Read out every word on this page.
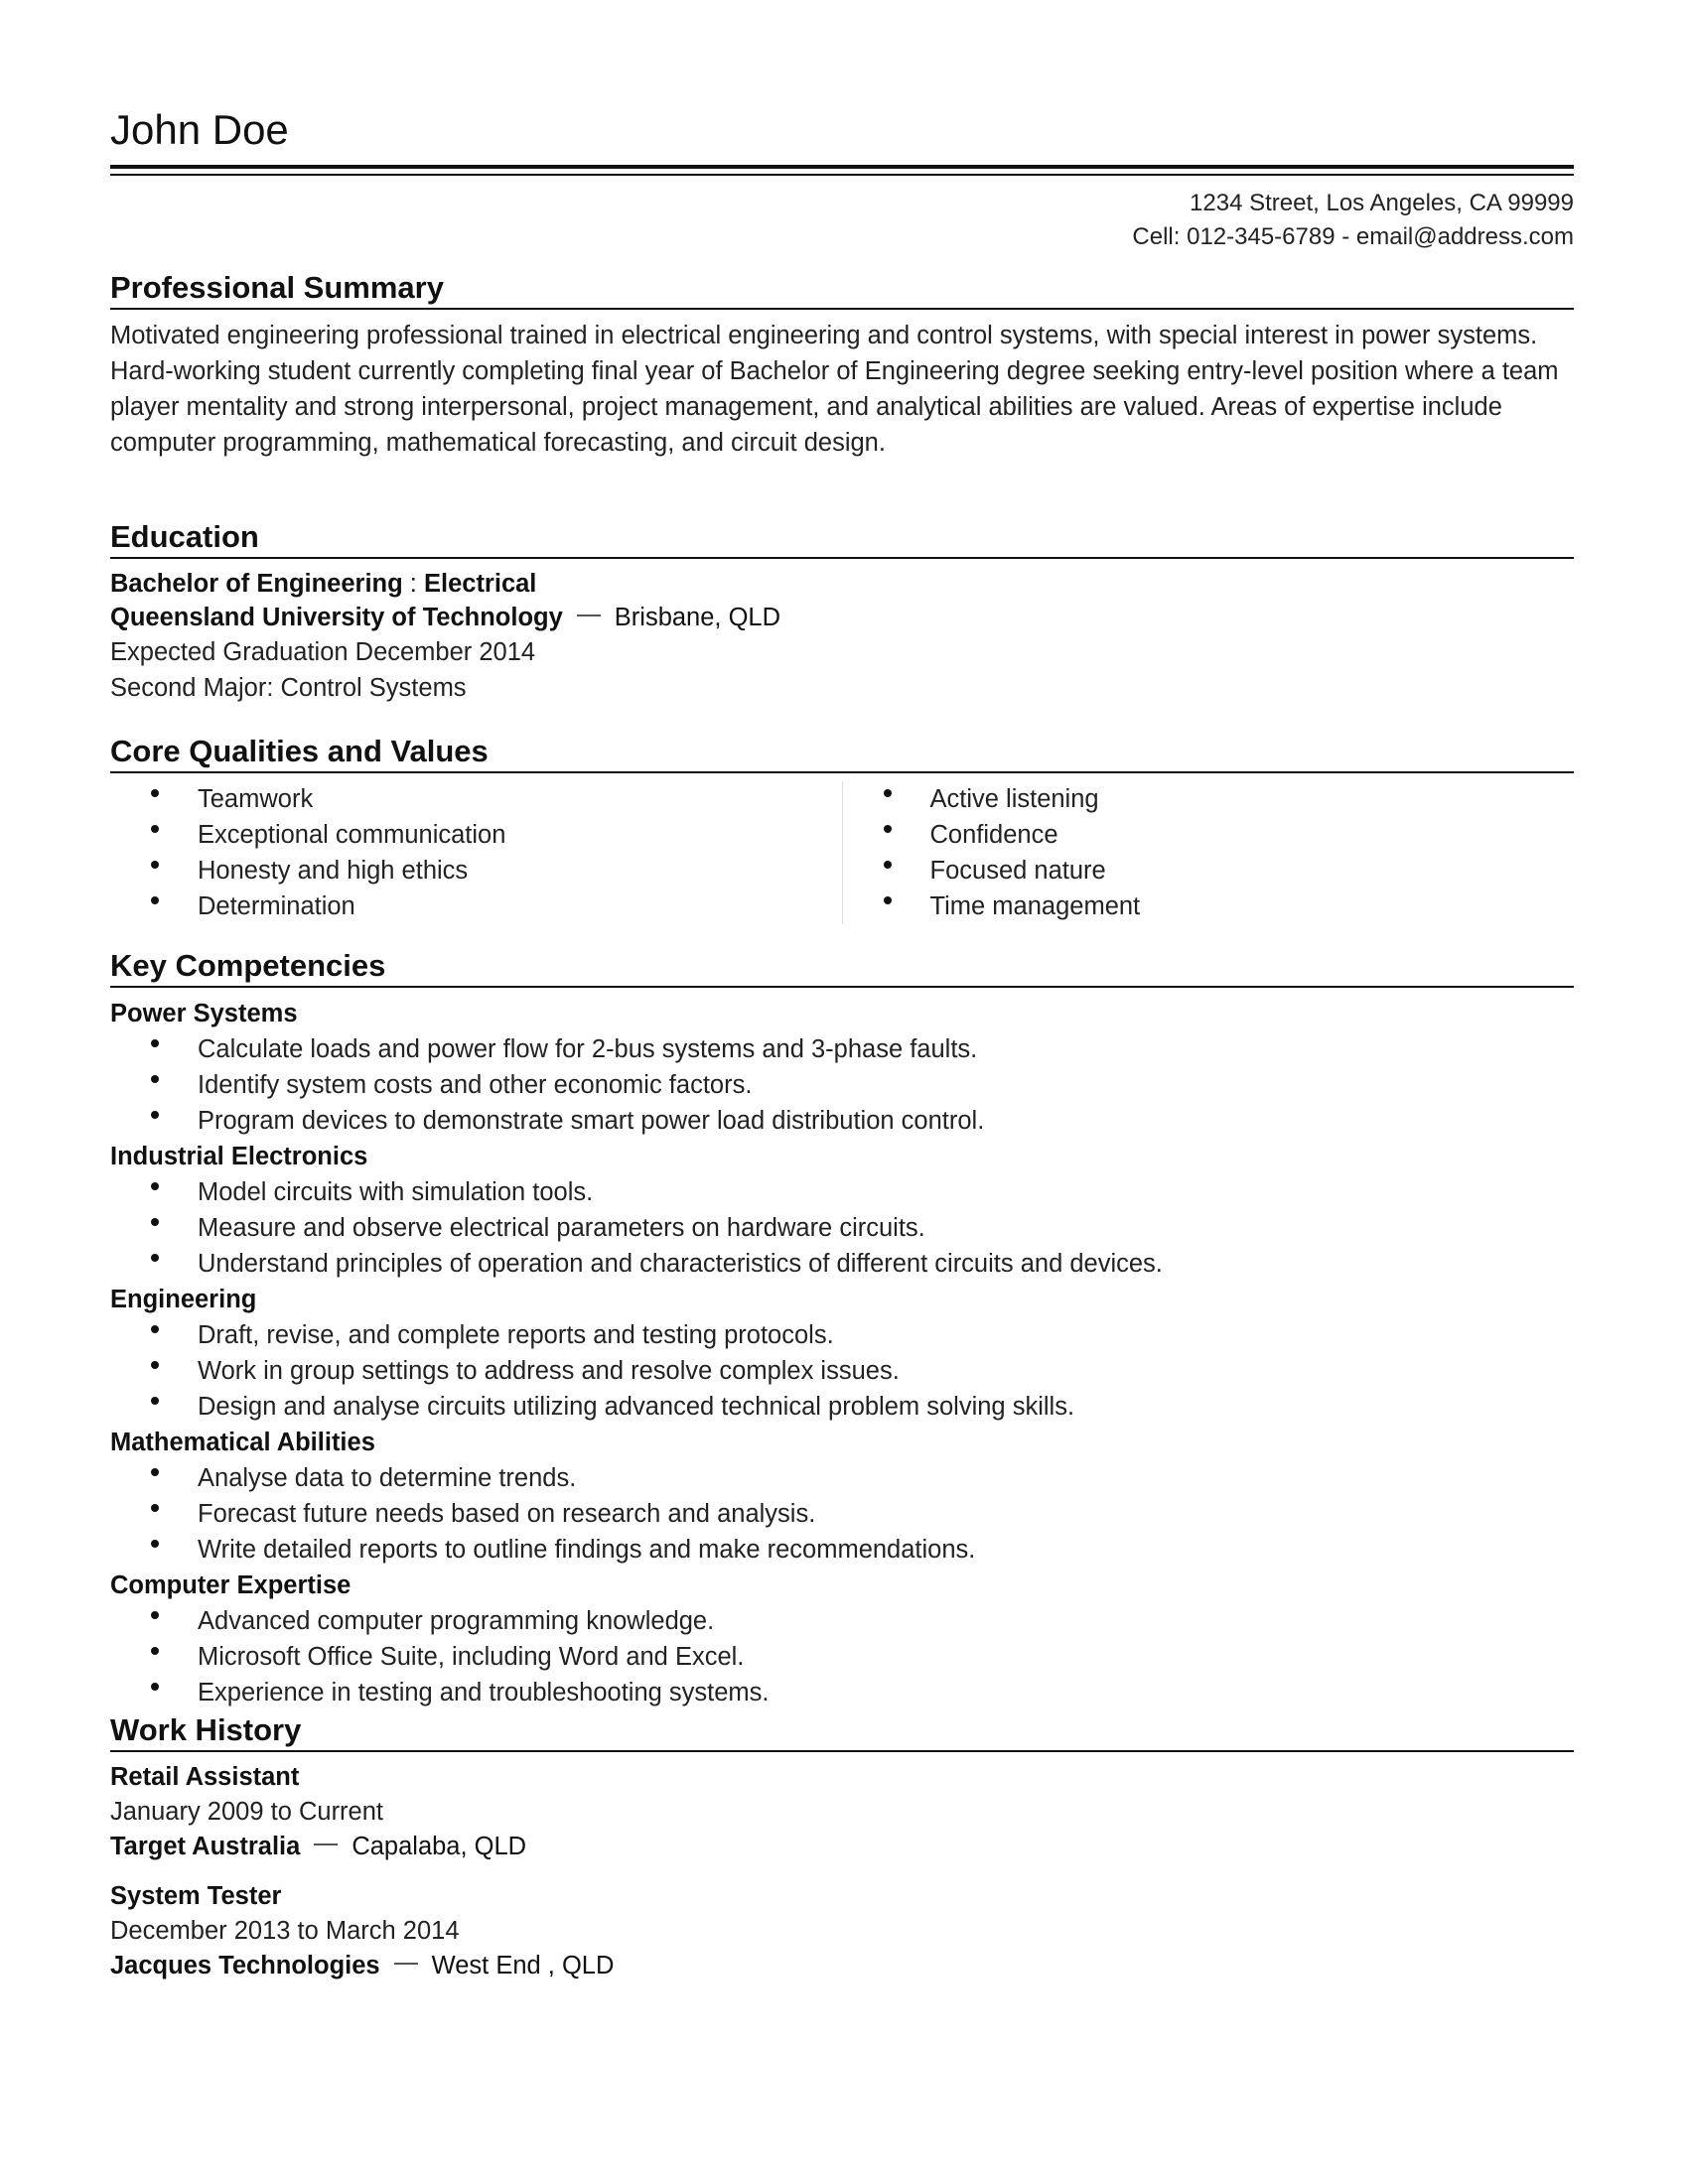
John Doe
1234 Street, Los Angeles, CA 99999
Cell: 012-345-6789 - email@address.com
Professional Summary

Motivated engineering professional trained in electrical engineering and control systems, with special interest in power systems. Hard-working student currently completing final year of Bachelor of Engineering degree seeking entry-level position where a team player mentality and strong interpersonal, project management, and analytical abilities are valued. Areas of expertise include computer programming, mathematical forecasting, and circuit design.

Education
Bachelor of Engineering : Electrical
Queensland University of Technology Brisbane, QLD
Expected Graduation December 2014
Second Major: Control Systems
Core Qualities and Values
Teamwork
Exceptional communication
Honesty and high ethics
Determination
Active listening
Confidence
Focused nature
Time management
Key Competencies
Power Systems
Calculate loads and power flow for 2-bus systems and 3-phase faults.
Identify system costs and other economic factors.
Program devices to demonstrate smart power load distribution control.
Industrial Electronics
Model circuits with simulation tools.
Measure and observe electrical parameters on hardware circuits.
Understand principles of operation and characteristics of different circuits and devices.
Engineering
Draft, revise, and complete reports and testing protocols.
Work in group settings to address and resolve complex issues.
Design and analyse circuits utilizing advanced technical problem solving skills.
Mathematical Abilities
Analyse data to determine trends.
Forecast future needs based on research and analysis.
Write detailed reports to outline findings and make recommendations.
Computer Expertise
Advanced computer programming knowledge.
Microsoft Office Suite, including Word and Excel.
Experience in testing and troubleshooting systems.
Work History
Retail Assistant
January 2009 to Current
Target Australia Capalaba, QLD
System Tester
December 2013 to March 2014
Jacques Technologies West End , QLD
